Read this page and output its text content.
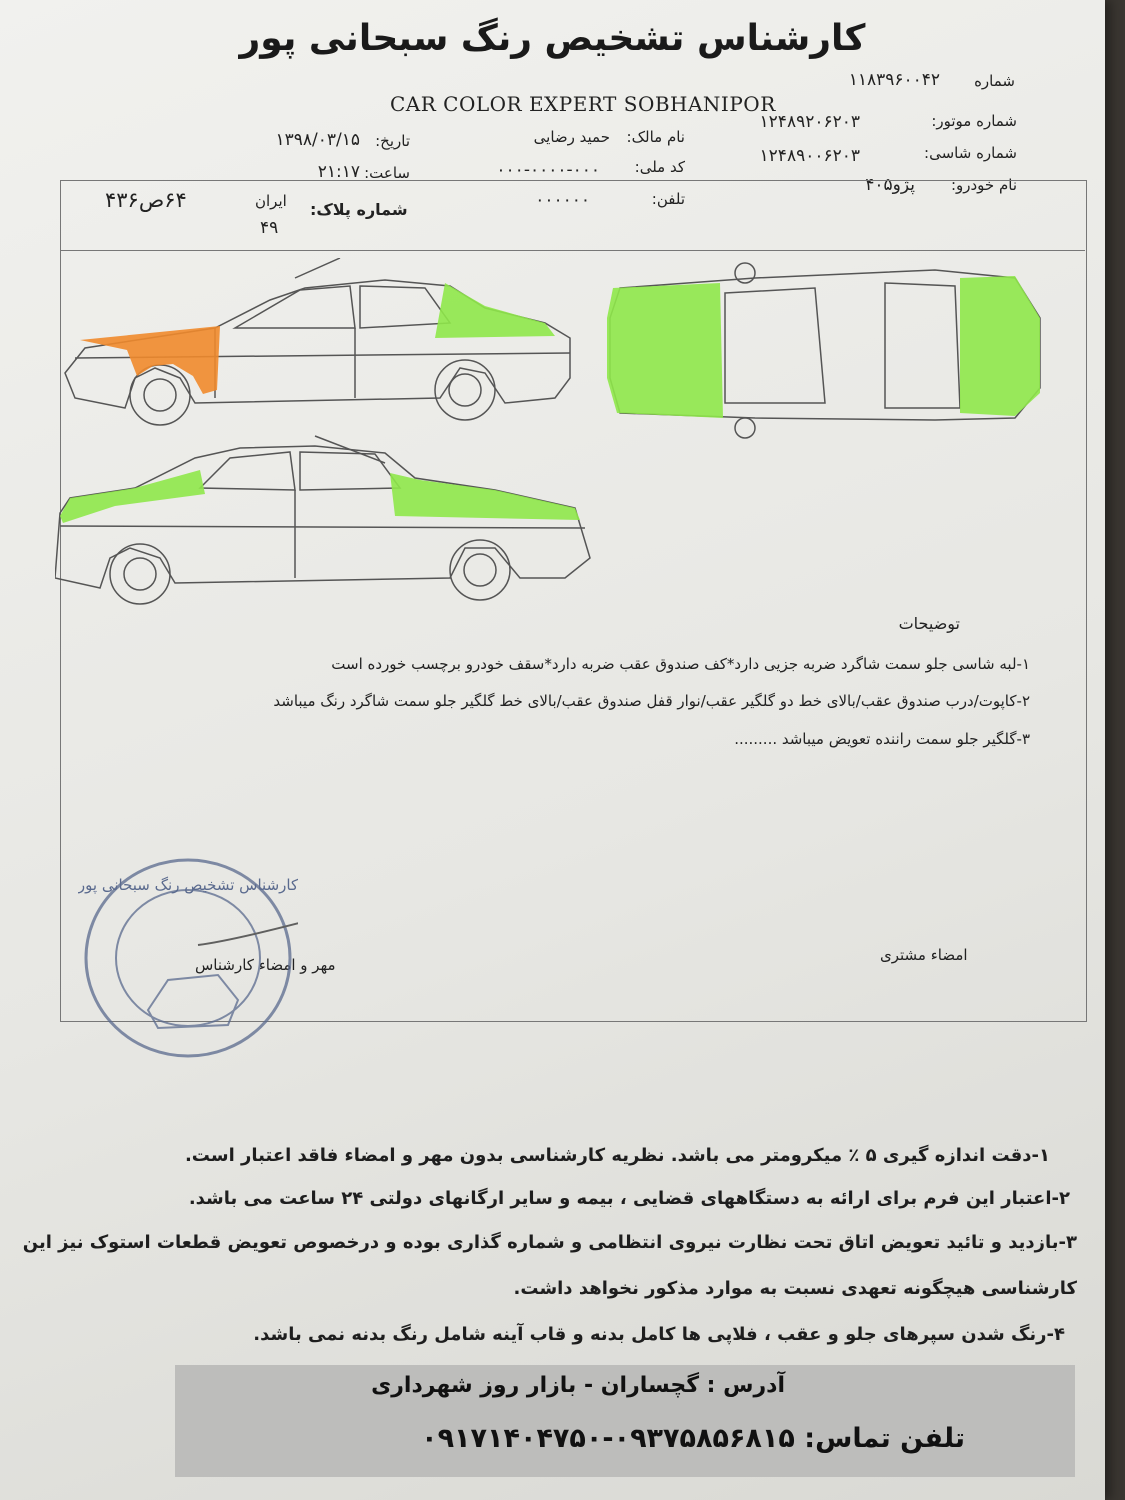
کارشناس تشخیص رنگ سبحانی پور
CAR COLOR EXPERT SOBHANIPOR
شماره
۱۱۸۳۹۶۰۰۴۲
شماره موتور:
۱۲۴۸۹۲۰۶۲۰۳
شماره شاسی:
۱۲۴۸۹۰۰۶۲۰۳
نام خودرو:
پژو۴۰۵
نام مالک:
حمید رضایی
کد ملی:
۰۰۰-۰۰۰۰-۰۰۰
تلفن:
۰۰۰۰۰۰
تاریخ:
۱۳۹۸/۰۳/۱۵
ساعت:
۲۱:۱۷
شماره پلاک:
ایران
۴۹
۶۴ص۴۳۶
توضیحات
۱-لبه شاسی جلو سمت شاگرد ضربه جزیی دارد*کف صندوق عقب ضربه دارد*سقف خودرو برچسب خورده است
۲-کاپوت/درب صندوق عقب/بالای خط دو گلگیر عقب/نوار قفل صندوق عقب/بالای خط گلگیر جلو سمت شاگرد رنگ میباشد
۳-گلگیر جلو سمت راننده تعویض میباشد .........
مهر و امضاء کارشناس
امضاء مشتری
کارشناس تشخیص رنگ سبحانی پور
۱-دقت اندازه گیری ۵ ٪ میکرومتر می باشد. نظریه کارشناسی بدون مهر و امضاء فاقد اعتبار است.
۲-اعتبار این فرم برای ارائه به دستگاههای قضایی ، بیمه و سایر ارگانهای دولتی ۲۴ ساعت می باشد.
۳-بازدید و تائید تعویض اتاق تحت نظارت نیروی انتظامی و شماره گذاری بوده و درخصوص تعویض قطعات استوک نیز این
کارشناسی هیچگونه تعهدی نسبت به موارد مذکور نخواهد داشت.
۴-رنگ شدن سپرهای جلو و عقب ، فلاپی ها کامل بدنه و قاب آینه شامل رنگ بدنه نمی باشد.
آدرس : گچساران - بازار روز شهرداری
تلفن تماس: ۰۹۳۷۵۸۵۶۸۱۵-۰۹۱۷۱۴۰۴۷۵۰
